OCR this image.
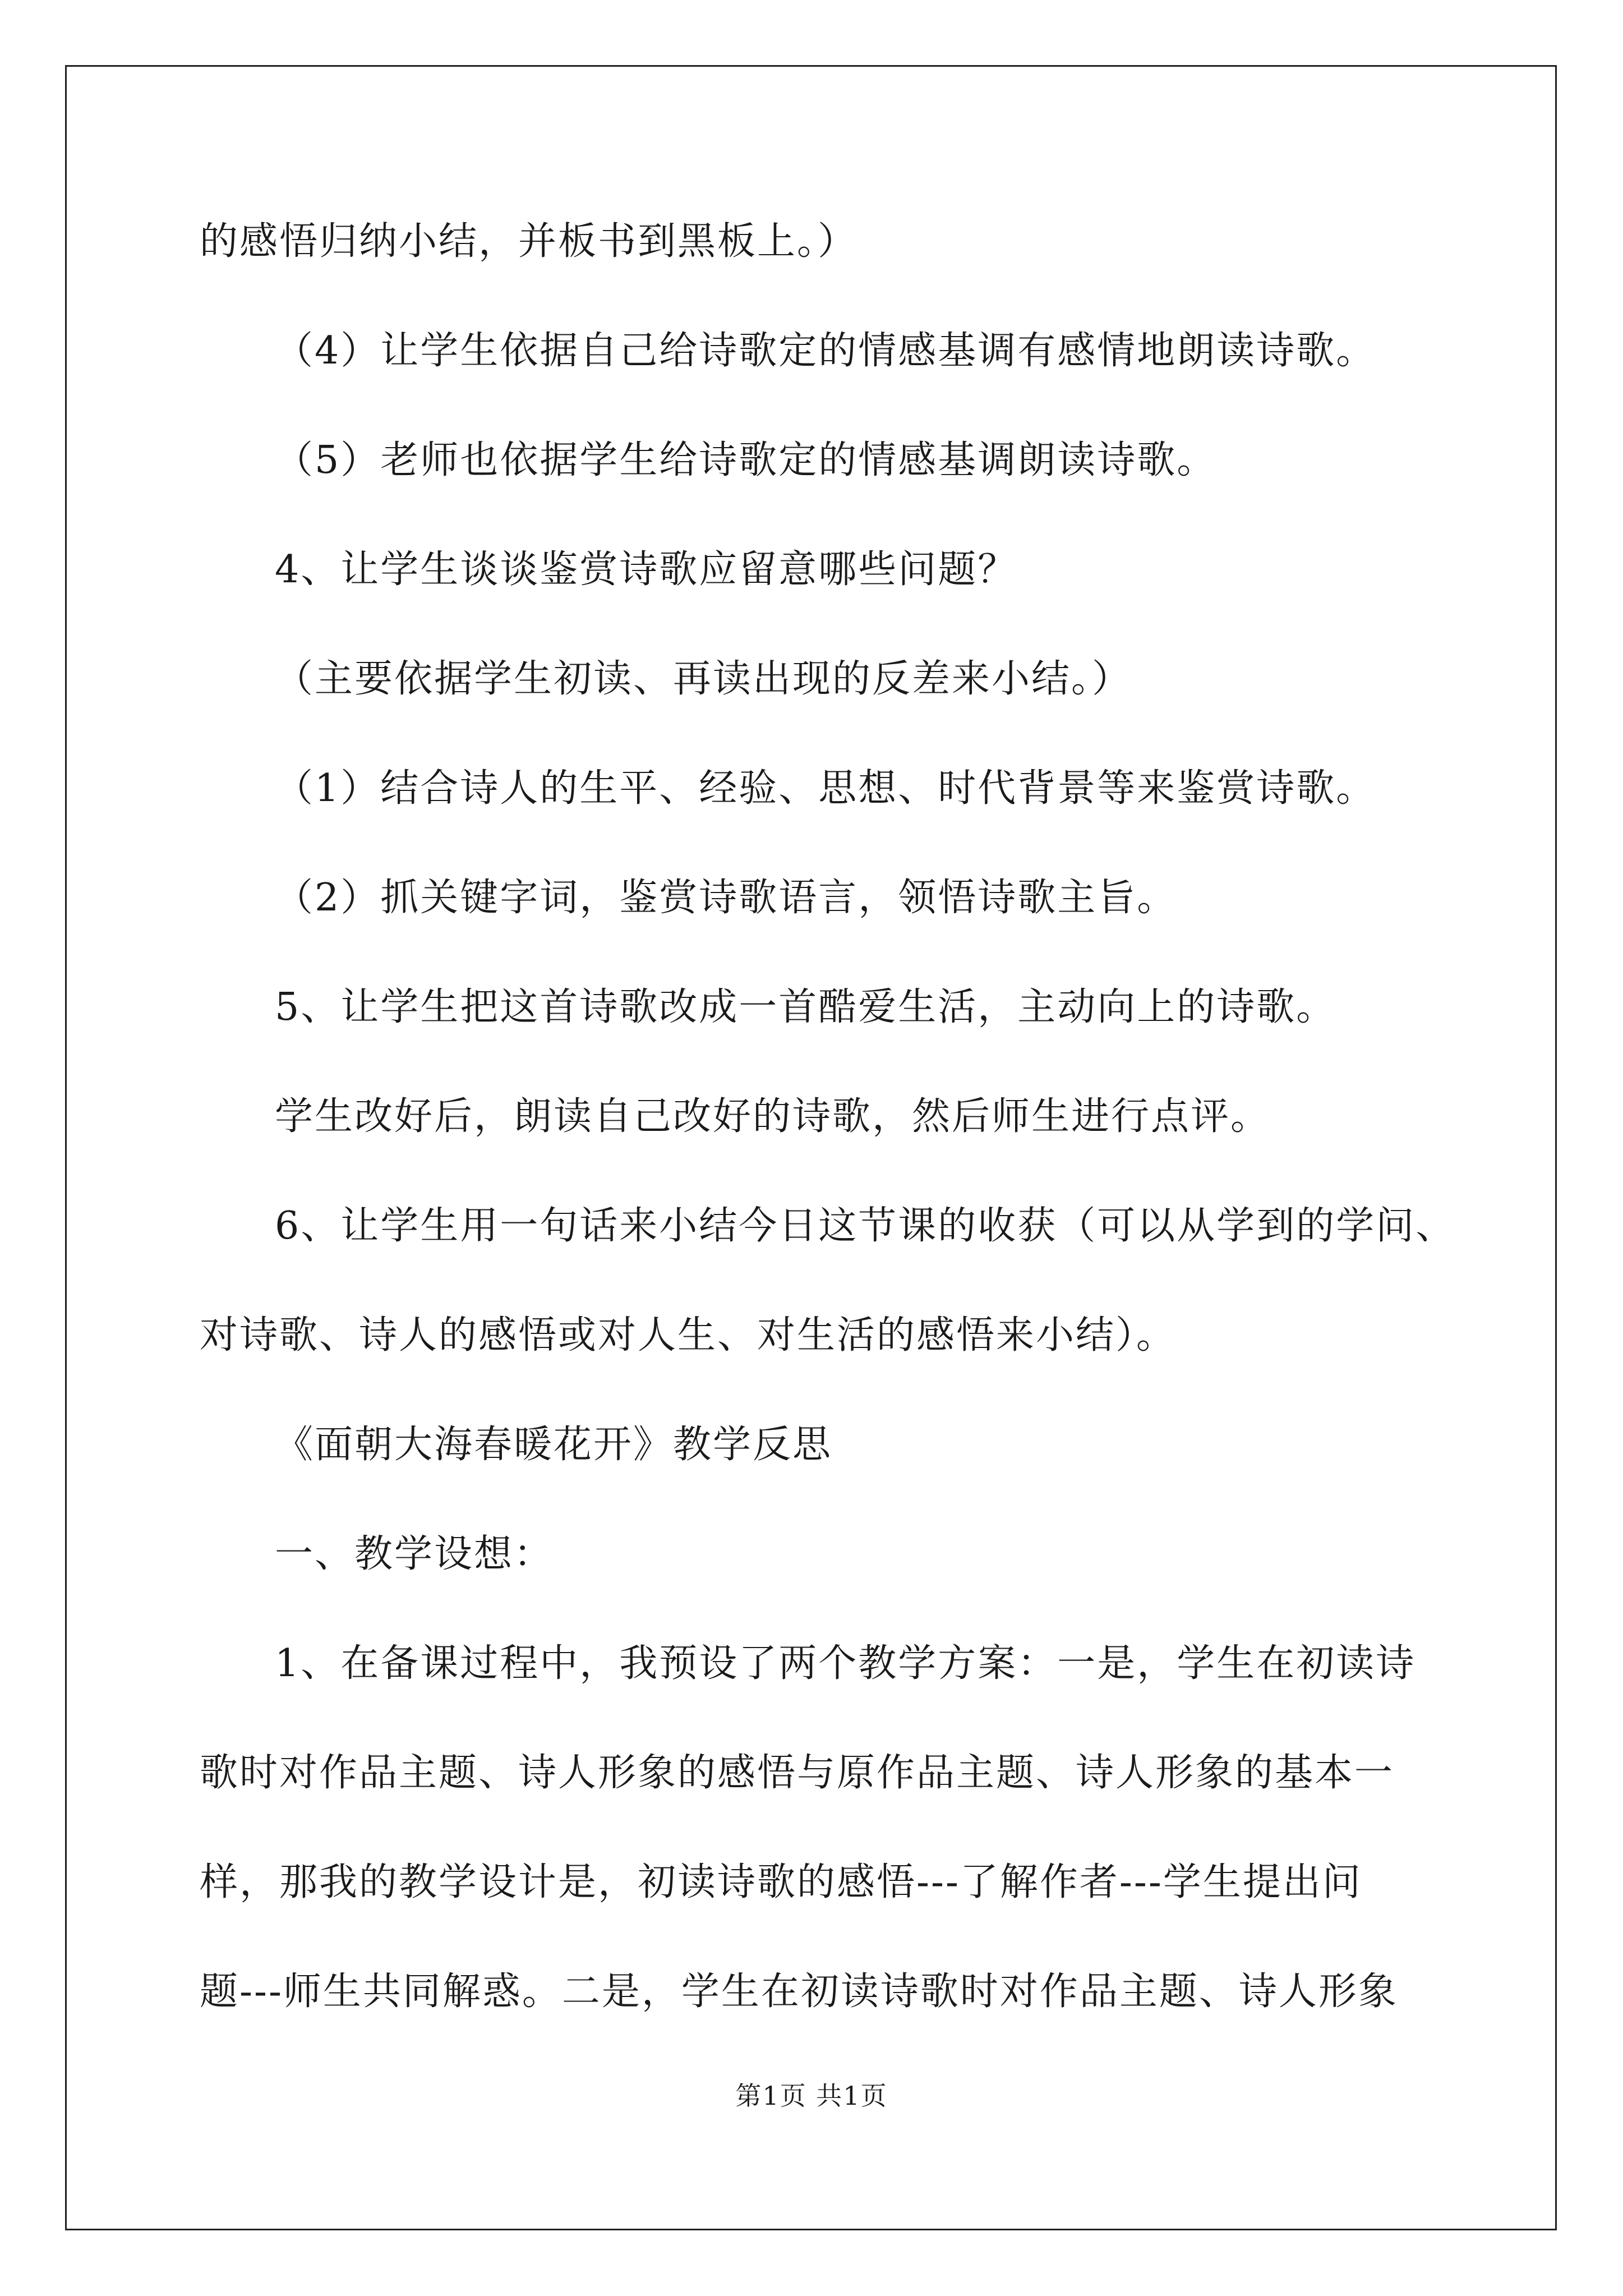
的感悟归纳小结，并板书到黑板上。）
（4）让学生依据自己给诗歌定的情感基调有感情地朗读诗歌。
（5）老师也依据学生给诗歌定的情感基调朗读诗歌。
4、让学生谈谈鉴赏诗歌应留意哪些问题？
（主要依据学生初读、再读出现的反差来小结。）
（1）结合诗人的生平、经验、思想、时代背景等来鉴赏诗歌。
（2）抓关键字词，鉴赏诗歌语言，领悟诗歌主旨。
5、让学生把这首诗歌改成一首酷爱生活，主动向上的诗歌。
学生改好后，朗读自己改好的诗歌，然后师生进行点评。
6、让学生用一句话来小结今日这节课的收获（可以从学到的学问、
对诗歌、诗人的感悟或对人生、对生活的感悟来小结）。
《面朝大海春暖花开》教学反思
一、教学设想：
1、在备课过程中，我预设了两个教学方案：一是，学生在初读诗
歌时对作品主题、诗人形象的感悟与原作品主题、诗人形象的基本一
样，那我的教学设计是，初读诗歌的感悟---了解作者---学生提出问
题---师生共同解惑。二是，学生在初读诗歌时对作品主题、诗人形象
第1页 共1页
